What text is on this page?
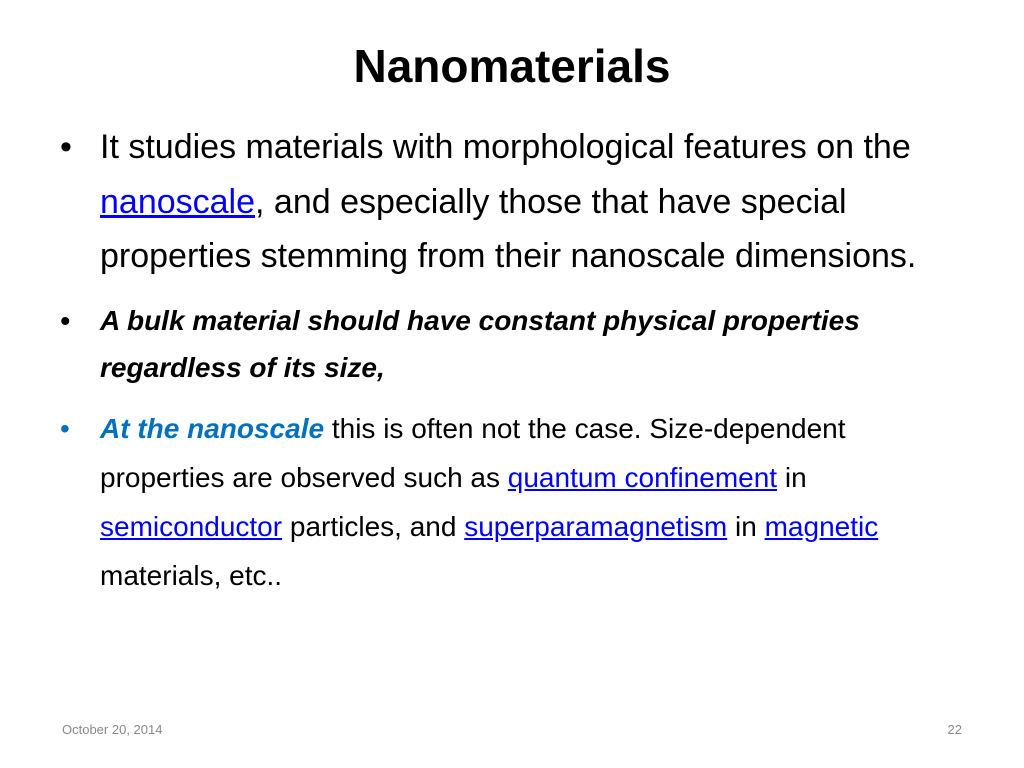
Nanomaterials
• It studies materials with morphological features on the nanoscale, and especially those that have special properties stemming from their nanoscale dimensions.
• A bulk material should have constant physical properties regardless of its size,
• At the nanoscale this is often not the case. Size-dependent properties are observed such as quantum confinement in semiconductor particles, and superparamagnetism in magnetic materials, etc..
October 20, 2014	22
